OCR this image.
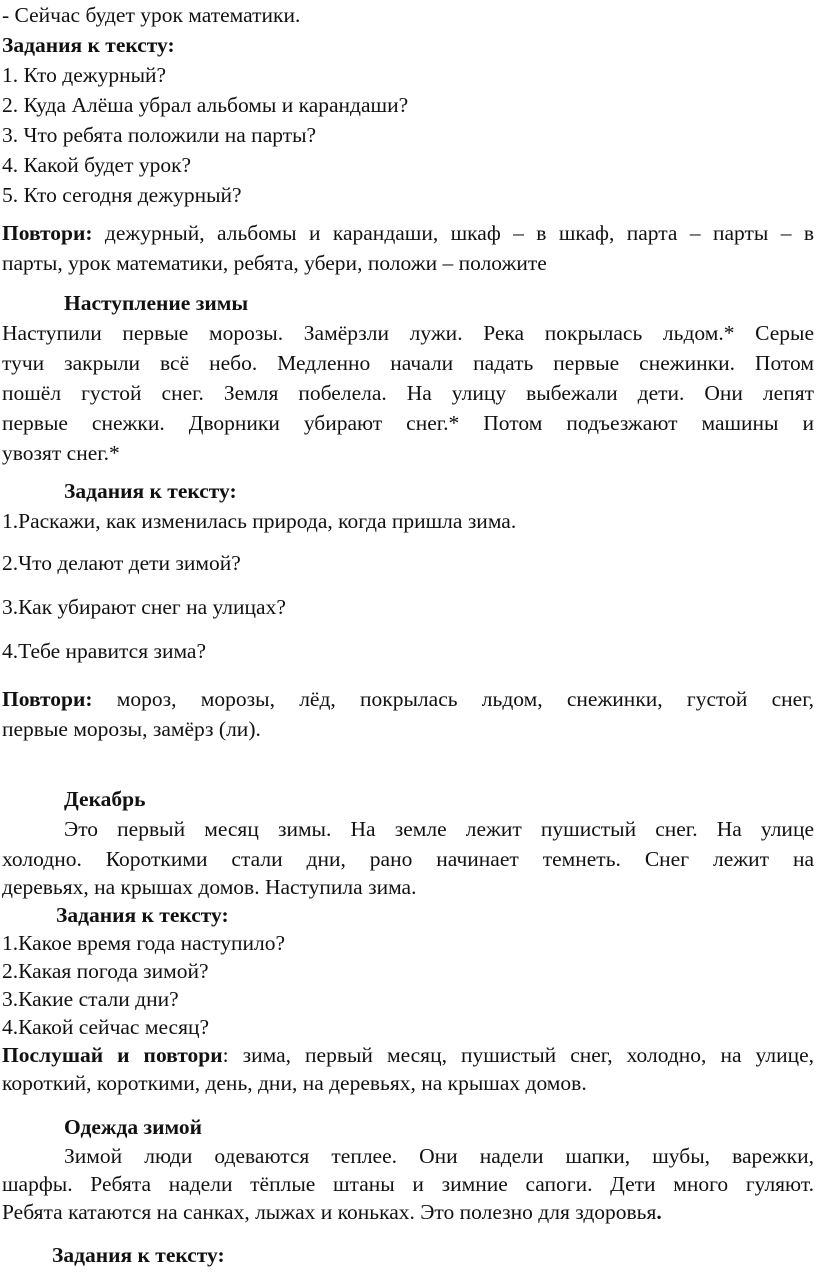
- Сейчас будет урок математики.

Задания к тексту:

1. Кто дежурный?

2. Куда Алёша убрал альбомы и карандаши?

3. Что ребята положили на парты?

4. Какой будет урок?

5. Кто сегодня дежурный?

Повтори: дежурный, альбомы и карандаши, шкаф – в шкаф, парта – парты – в

парты, урок математики, ребята, убери, положи – положите

Наступление зимы

Наступили первые морозы. Замёрзли лужи. Река покрылась льдом.* Серые

тучи закрыли всё небо. Медленно начали падать первые снежинки. Потом

пошёл густой снег. Земля побелела. На улицу выбежали дети. Они лепят

первые снежки. Дворники убирают снег.* Потом подъезжают машины и

увозят снег.*

Задания к тексту:

1.Раскажи, как изменилась природа, когда пришла зима.

2.Что делают дети зимой?

3.Как убирают снег на улицах?

4.Тебе нравится зима?

Повтори: мороз, морозы, лёд, покрылась льдом, снежинки, густой снег,

первые морозы, замёрз (ли).

Декабрь

Это первый месяц зимы. На земле лежит пушистый снег. На улице

холодно. Короткими стали дни, рано начинает темнеть. Снег лежит на

деревьях, на крышах домов. Наступила зима.

Задания к тексту:

1.Какое время года наступило?

2.Какая погода зимой?

3.Какие стали дни?

4.Какой сейчас месяц?

Послушай и повтори: зима, первый месяц, пушистый снег, холодно, на улице,

короткий, короткими, день, дни, на деревьях, на крышах домов.

Одежда зимой

Зимой люди одеваются теплее. Они надели шапки, шубы, варежки,

шарфы. Ребята надели тёплые штаны и зимние сапоги. Дети много гуляют.

Ребята катаются на санках, лыжах и коньках. Это полезно для здоровья.

Задания к тексту:
